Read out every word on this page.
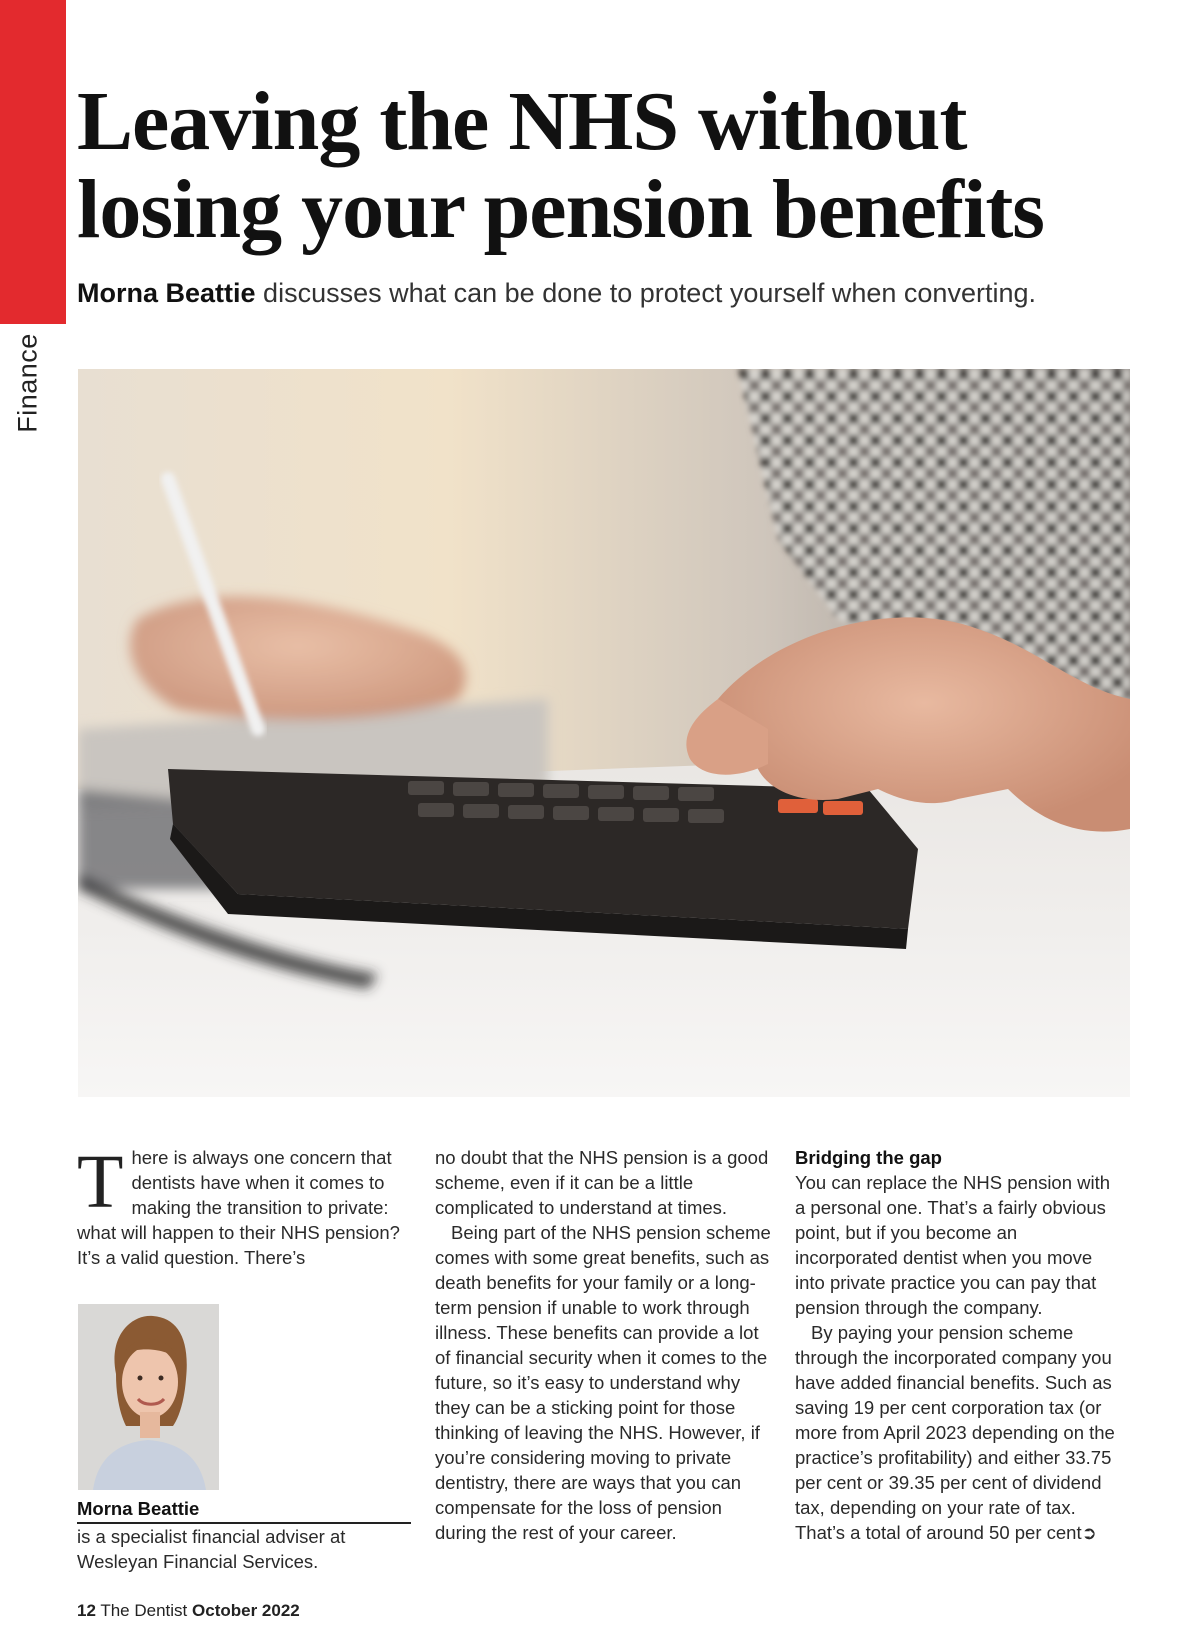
Finance
Leaving the NHS without losing your pension benefits

Morna Beattie discusses what can be done to protect yourself when converting.

There is always one concern that dentists have when it comes to making the transition to private: what will happen to their NHS pension? It’s a valid question. There’s

Morna Beattie

is a specialist financial adviser at Wesleyan Financial Services.

no doubt that the NHS pension is a good scheme, even if it can be a little complicated to understand at times.

Being part of the NHS pension scheme comes with some great benefits, such as death benefits for your family or a long-term pension if unable to work through illness. These benefits can provide a lot of financial security when it comes to the future, so it’s easy to understand why they can be a sticking point for those thinking of leaving the NHS. However, if you’re considering moving to private dentistry, there are ways that you can compensate for the loss of pension during the rest of your career.

Bridging the gap

You can replace the NHS pension with a personal one. That’s a fairly obvious point, but if you become an incorporated dentist when you move into private practice you can pay that pension through the company.

By paying your pension scheme through the incorporated company you have added financial benefits. Such as saving 19 per cent corporation tax (or more from April 2023 depending on the practice’s profitability) and either 33.75 per cent or 39.35 per cent of dividend tax, depending on your rate of tax. That’s a total of around 50 per cent➲

12 The Dentist October 2022
